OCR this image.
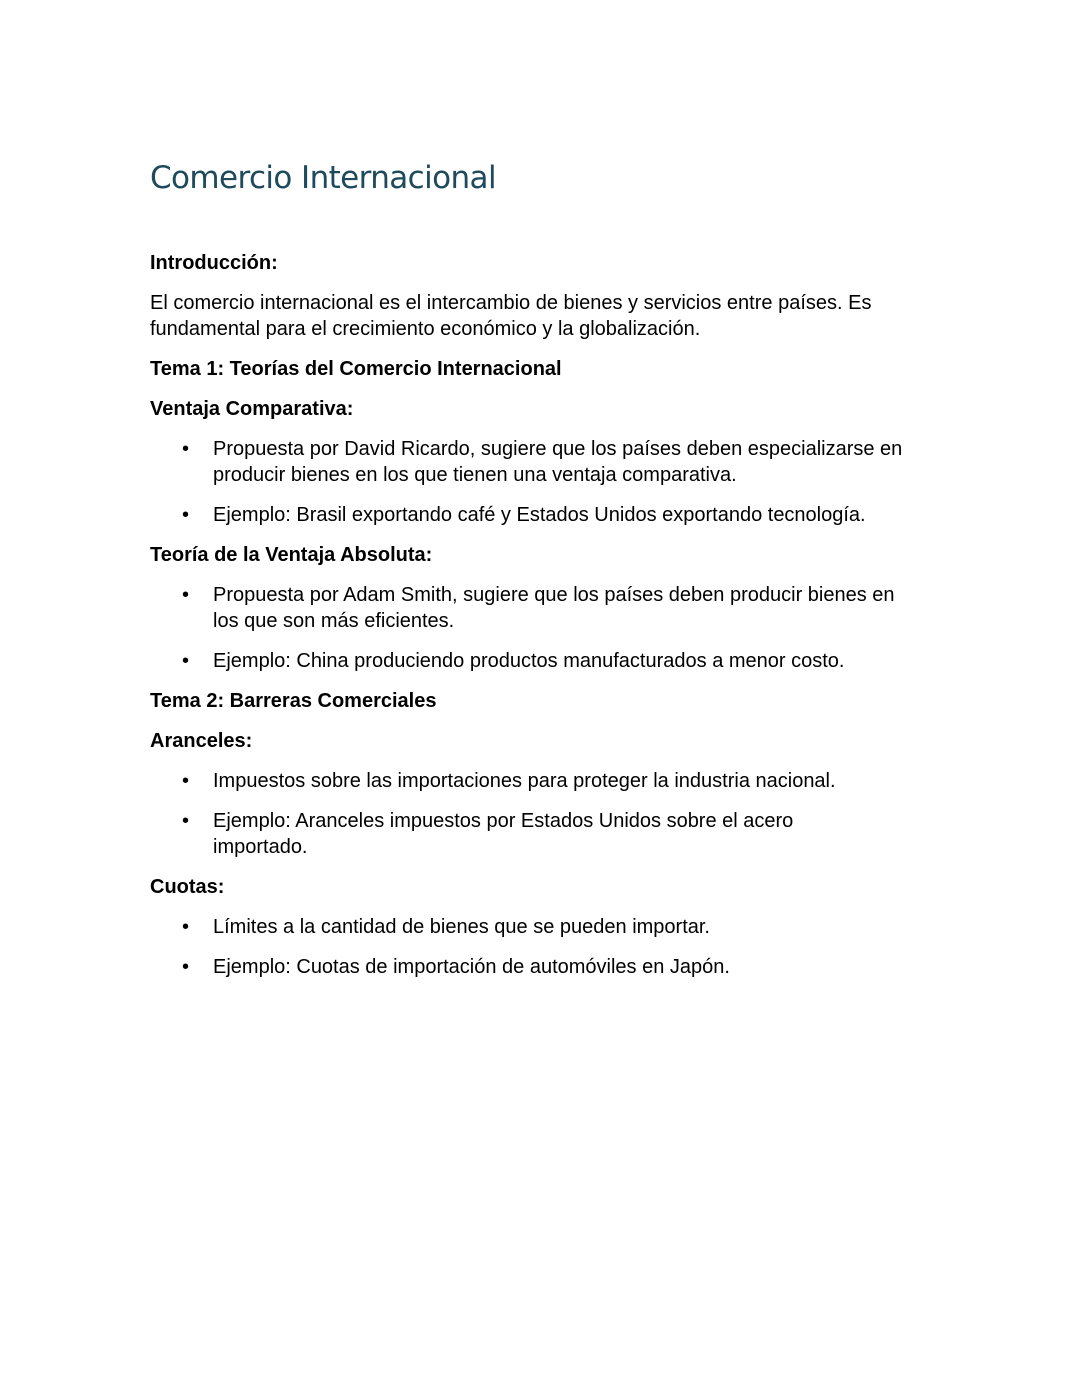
Comercio Internacional
Introducción:
El comercio internacional es el intercambio de bienes y servicios entre países. Es fundamental para el crecimiento económico y la globalización.
Tema 1: Teorías del Comercio Internacional
Ventaja Comparativa:
• Propuesta por David Ricardo, sugiere que los países deben especializarse en producir bienes en los que tienen una ventaja comparativa.
• Ejemplo: Brasil exportando café y Estados Unidos exportando tecnología.
Teoría de la Ventaja Absoluta:
• Propuesta por Adam Smith, sugiere que los países deben producir bienes en los que son más eficientes.
• Ejemplo: China produciendo productos manufacturados a menor costo.
Tema 2: Barreras Comerciales
Aranceles:
• Impuestos sobre las importaciones para proteger la industria nacional.
• Ejemplo: Aranceles impuestos por Estados Unidos sobre el acero importado.
Cuotas:
• Límites a la cantidad de bienes que se pueden importar.
• Ejemplo: Cuotas de importación de automóviles en Japón.
